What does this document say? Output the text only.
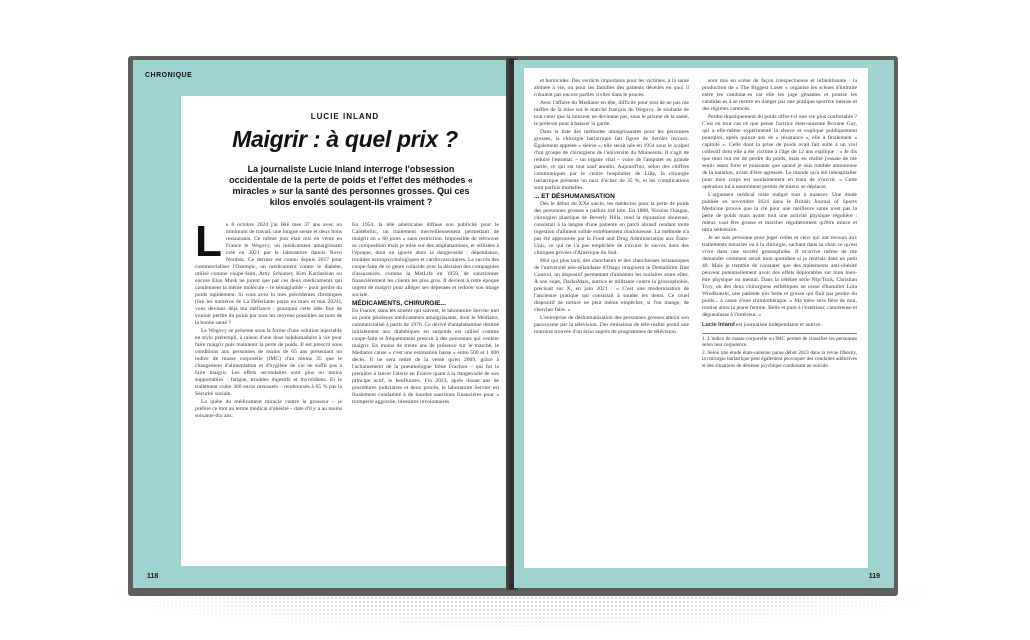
CHRONIQUE
LUCIE INLAND
Maigrir : à quel prix ?
La journaliste Lucie Inland interroge l'obsession occidentale de la perte de poids et l'effet des méthodes « miracles » sur la santé des personnes grosses. Qui ces kilos envolés soulagent-ils vraiment ?
L e 8 octobre 2024 j'ai fêté mes 37 ans avec un minimum de travail, une longue sieste et deux bons restaurants. Ce même jour était mis en vente en France le Wegovy, un médicament amaigrissant créé en 2021 par le laboratoire danois Novo Nordisk. Ce dernier est connu depuis 2017 pour commercialiser l'Ozempic, un médicament contre le diabète, utilisé comme coupe-faim. Amy Schumer, Kim Kardashian ou encore Elon Musk ne jurent que par ces deux médicaments qui contiennent la même molécule – le sémaglutide – pour perdre du poids rapidement. Si vous avez lu mes précédentes chroniques (lire les numéros de La Déferlante parus en mars et mai 2024), vous devinez déjà ma méfiance : pourquoi cette idée fixe de vouloir perdre du poids par tous les moyens possibles au nom de la bonne santé ?

Le Wegovy se présente sous la forme d'une solution injectable en stylo prérempli, à raison d'une dose hebdomadaire à vie pour faire maigrir puis maintenir la perte de poids. Il est prescrit sous conditions aux personnes de moins de 65 ans présentant un indice de masse corporelle (IMC) d'au moins 35 que le changement d'alimentation et d'hygiène de vie ne suffit pas à faire maigrir. Les effets secondaires sont plus ou moins supportables : fatigue, troubles digestifs et thyroïdiens. Et le traitement coûte 300 euros mensuels – remboursés à 65 % par la Sécurité sociale.

La quête du médicament miracle contre la grosseur – je préfère ce mot au terme médical d'obésité – date d'il y a au moins soixante-dix ans.

En 1954, la télé américaine diffuse son publicité pour le Caldébritic, un traitement merveilleusement permettant de maigrir en « 60 jours » sans restriction. Impossible de retrouver sa composition mais je mise sur des amphétamines, et utilisées à l'époque, dont on ignore alors la dangerosité : dépendance, troubles neuropsychologiques et cardiovasculaires. Le succès des coupe-faim de ce genre coïncide avec la décision des compagnies d'assurances, comme la MetLife en 1959, de sanctionner financièrement les clients les plus gros. Il devient à cette époque urgent de maigrir pour alléger ses dépenses et redorer son image sociale.

MÉDICAMENTS, CHIRURGIE...

En France, dans les années qui suivent, le laboratoire Servier met au point plusieurs médicaments amaigrissants, dont le Mediator, commercialisé à partir de 1976. Ce dérivé d'amphétamine destiné initialement aux diabétiques en surpoids est utilisé comme coupe-faim et fréquemment prescrit à des personnes qui veulent maigrir. En moins de trente ans de présence sur le marché, le Mediator cause « c'est une estimation basse » entre 500 et 1 000 décès. Il ne sera retiré de la vente qu'en 2009, grâce à l'acharnement de la pneumologue Irène Frachon – qui fut la première à lancer l'alerte en France quant à la dangerosité de son principe actif, le benfluorex. Fin 2023, après douze ans de procédures judiciaires et deux procès, le laboratoire Servier est finalement condamné à de lourdes sanctions financières pour « tromperie aggravée, blessures involontaires

118

et homicides. Des verdicts importants pour les victimes, à la santé abîmée à vie, ou pour les familles des patients décédés en quoi il n'étaient pas encore parties civiles dans le procès.

Avec l'affaire du Mediator en tête, difficile pour moi de ne pas me méfier de la mise sur le marché français du Wegovy. Je souhaite de tout cœur que la minceur ne devienne pas, sous le prisme de la santé, le prétexte pour à baisser la garde.

Dans la liste des méthodes amaigrissantes pour les personnes grosses, la chirurgie bariatrique fait figure de dernier recours. Également appelée « sleeve », elle serait née en 1954 sous le scalpel d'un groupe de chirurgiens de l'université du Minnesota. Il s'agit de réduire l'estomac – un organe vital – voire de l'amputer en grande partie, ce qui est tout sauf anodin. Aujourd'hui, selon des chiffres communiqués par le centre hospitalier de Lille, la chirurgie bariatrique présente un taux d'échec de 35 %, et les complications sont parfois mortelles.

... ET DÉSHUMANISATION

Dès le début du XXe siècle, les médecins pour la perte de poids des personnes grosses a parfois tiré loin. En 1888, Nicolas Ouagan, chirurgien plastique de Beverly Hills, rend la réputation douteuse, consistait à la langue d'une patiente un patch abrasif rendant toute ingestion d'aliment solide extrêmement douloureuse. La méthode n'a pas été approuvée par la Food and Drug Administration aux États-Unis, ce qui ne l'a pas empêchée de circuler le succès dans des cliniques privées d'Amérique du Sud.

Moi qui plus tard, des chercheurs et des chercheuses britanniques de l'université néo-zélandaise d'Otago imaginent le DentalSlim Diet Control, un dispositif permettant d'aimanter les molaires entre elles. À son sujet, DarkoMars, autrice et militante contre la grossophobie, précisait sur X, en juin 2021 : « C'est une modernisation de l'ancienne pratique qui consistait à souder les dents. Ce cruel dispositif de torture ne peut même empêcher, si l'on mange, de chercher faire. »

L'entreprise de déshumanisation des personnes grosses atteint son paroxysme par la télévision. Des émissions de télé-réalité prend une tournure trouvée d'un écho auprès de programmes de télévision.

sont mis en scène de façon irrespectueuse et infantilisante : la production de « The Biggest Loser » organise les scènes d'intimité entre les candidat·es car elle les juge gênantes et pousse les candidat·es à se mettre en danger par une pratique sportive intense et des régimes carencés.

Perdre drastiquement du poids offre-t-il une vie plus confortable ? C'est en tout cas ce que pense l'actrice états-unienne Roxane Gay, qui a elle-même expérimenté la sleeve et expliqué publiquement pourquoi, après quinze ans de « résistance », elle a finalement « capitulé ». Celle dont la prise de poids avait fait suite à un viol collectif dont elle a été victime à l'âge de 12 ans explique : « Je dis que mon but est de perdre du poids, mais en réalité j'essaie de me sentir assez forte et puissante que quand je suis tombée amoureuse de la natation, avant d'être agressée. Le monde qu'a été inhospitalier pour mon corps est soudainement en train de s'ouvrir. » Cette opération lui a notamment permis de mieux se déplacer.

L'argument médical reste malgré tout à nuancer. Une étude publiée en novembre 2024 dans le British Journal of Sports Medicine prouve que la clé pour une meilleure santé n'est pas la perte de poids mais avant tout une activité physique régulière : mieux vaut être grosse et marcher régulièrement qu'être mince et ultra sédentaire.

Je ne suis personne pour juger celles et ceux qui ont recours aux traitements miracles ou à la chirurgie, sachant dans sa chair ce qu'est vivre dans une société grossophobe. Il m'arrive même de me demander comment serait mon quotidien si je rentrais dans un petit 40. Mais je tremble de constater que des traitements anti-obésité peuvent potentiellement avoir des effets déplorables sur mon bien-être physique ou mental. Dans la célèbre série Nip/Tuck, Christian Troy, un des deux chirurgiens esthétiques ne cesse d'humilier Lola Wiodkoeski, une patiente très belle et grosse qui finit par perdre du poids... à cause d'une chimiothérapie. « Ma mère sera fière de moi, ironise alors la jeune femme. Belle et pure à l'extérieur, cancéreuse et dégueulasse à l'intérieur. »

Lucie Inland est journaliste indépendante et autrice.
1. L'indice de masse corporelle ou IMC permet de classifier les personnes selon leur corpulence.
2. Selon une étude états-unienne parue début 2023 dans la revue Obesity, la chirurgie bariatrique peut également provoquer des conduites addictives et des situations de détresse psychique conduisant au suicide.
119
